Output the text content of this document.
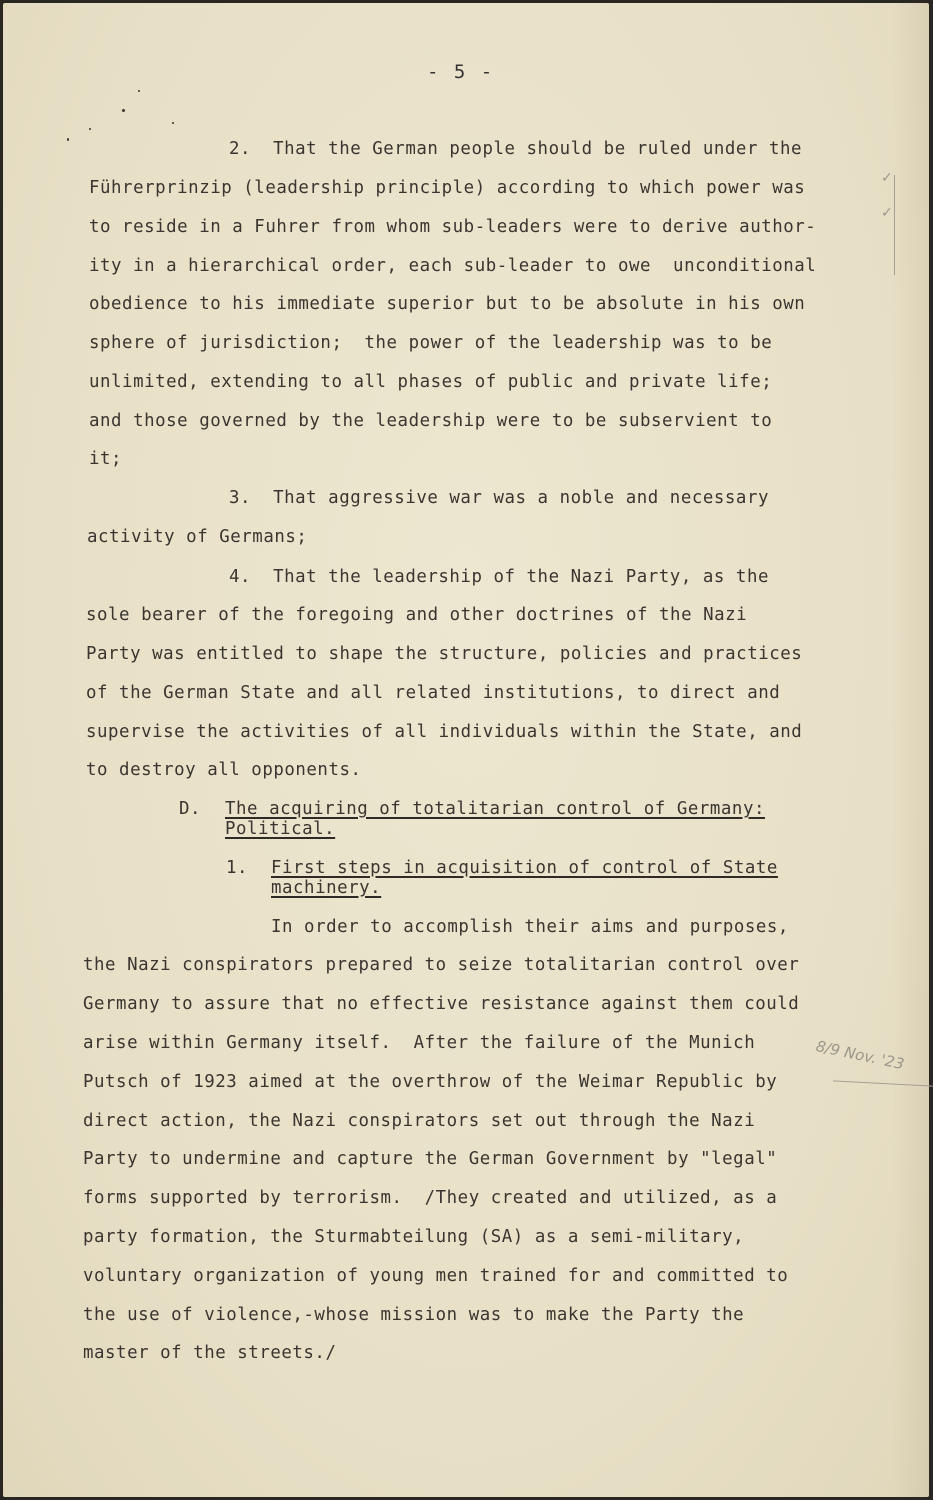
- 5 -
2.  That the German people should be ruled under the
Führerprinzip (leadership principle) according to which power was
to reside in a Fuhrer from whom sub-leaders were to derive author-
ity in a hierarchical order, each sub-leader to owe  unconditional
obedience to his immediate superior but to be absolute in his own
sphere of jurisdiction;  the power of the leadership was to be
unlimited, extending to all phases of public and private life;
and those governed by the leadership were to be subservient to
it;
3.  That aggressive war was a noble and necessary
activity of Germans;
4.  That the leadership of the Nazi Party, as the
sole bearer of the foregoing and other doctrines of the Nazi
Party was entitled to shape the structure, policies and practices
of the German State and all related institutions, to direct and
supervise the activities of all individuals within the State, and
to destroy all opponents.
D. The acquiring of totalitarian control of Germany:
Political.
1. First steps in acquisition of control of State
machinery.
In order to accomplish their aims and purposes,
the Nazi conspirators prepared to seize totalitarian control over
Germany to assure that no effective resistance against them could
arise within Germany itself.  After the failure of the Munich
Putsch of 1923 aimed at the overthrow of the Weimar Republic by
direct action, the Nazi conspirators set out through the Nazi
Party to undermine and capture the German Government by "legal"
forms supported by terrorism.  /They created and utilized, as a
party formation, the Sturmabteilung (SA) as a semi-military,
voluntary organization of young men trained for and committed to
the use of violence,-whose mission was to make the Party the
master of the streets./
✓
✓
8/9 Nov. '23
